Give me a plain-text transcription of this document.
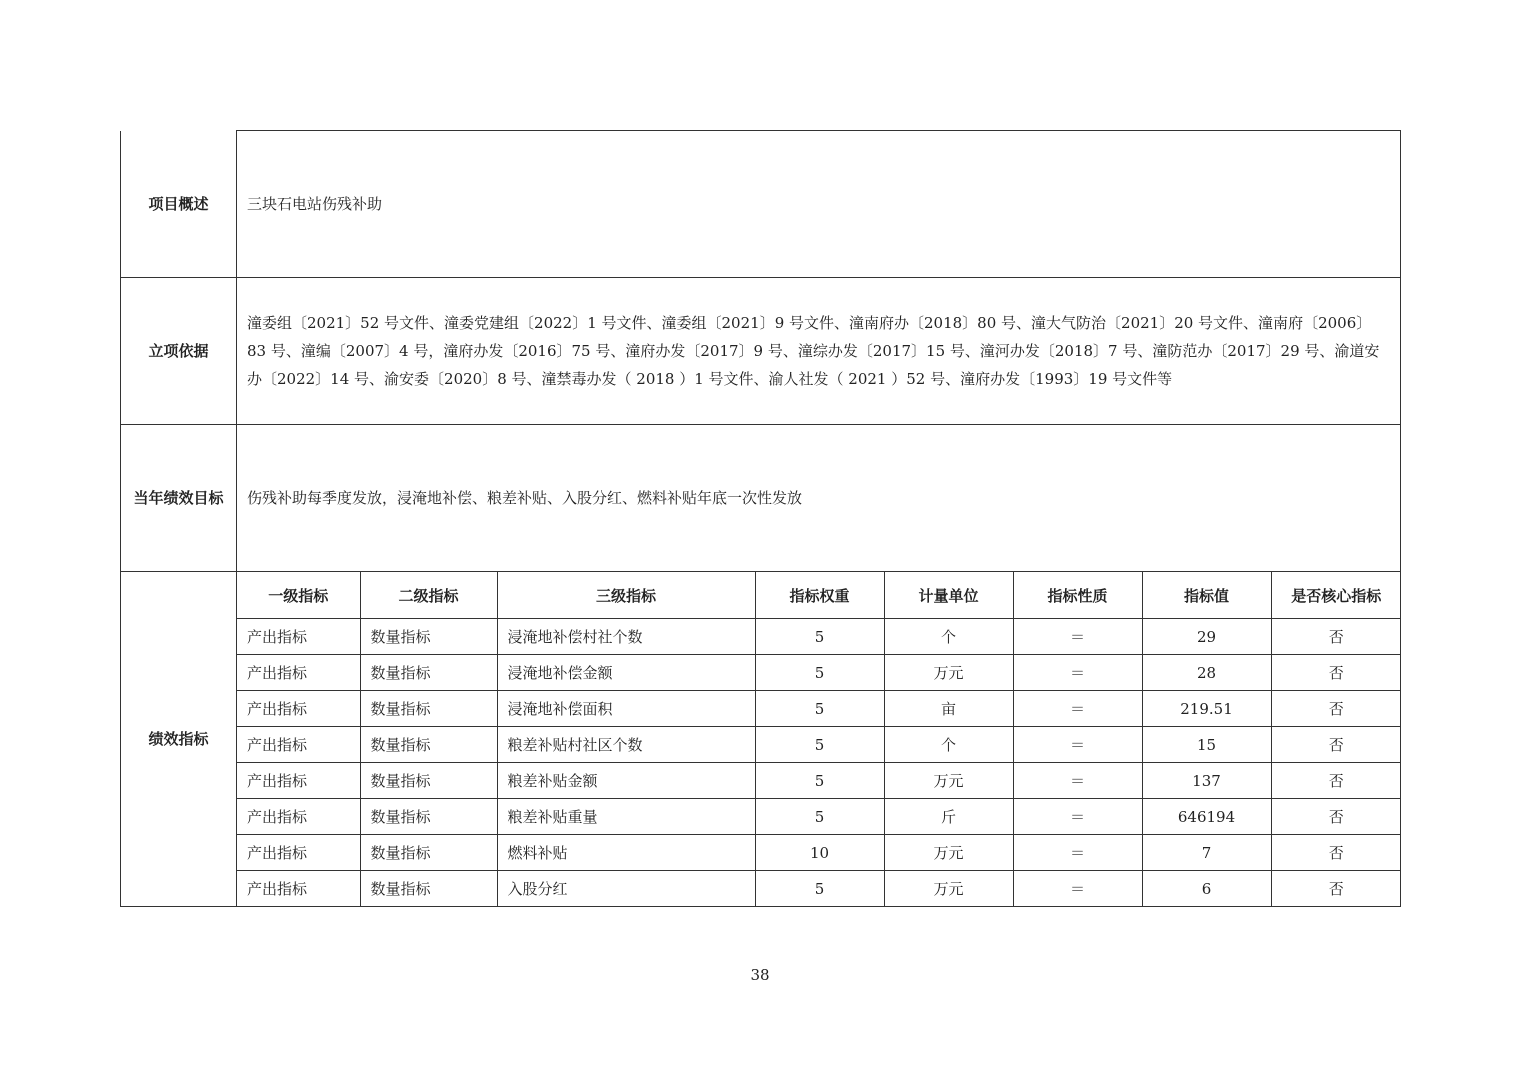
项目概述	三块石电站伤残补助
立项依据	潼委组〔2021〕52 号文件、潼委党建组〔2022〕1 号文件、潼委组〔2021〕9 号文件、潼南府办〔2018〕80 号、潼大气防治〔2021〕20 号文件、潼南府〔2006〕83 号、潼编〔2007〕4 号，潼府办发〔2016〕75 号、潼府办发〔2017〕9 号、潼综办发〔2017〕15 号、潼河办发〔2018〕7 号、潼防范办〔2017〕29 号、渝道安办〔2022〕14 号、渝安委〔2020〕8 号、潼禁毒办发（ 2018 ）1 号文件、渝人社发（ 2021 ）52 号、潼府办发〔1993〕19 号文件等
当年绩效目标	伤残补助每季度发放，浸淹地补偿、粮差补贴、入股分红、燃料补贴年底一次性发放
绩效指标	
一级指标	二级指标	三级指标	指标权重	计量单位	指标性质	指标值	是否核心指标
产出指标	数量指标	浸淹地补偿村社个数	5	个	＝	29	否
产出指标	数量指标	浸淹地补偿金额	5	万元	＝	28	否
产出指标	数量指标	浸淹地补偿面积	5	亩	＝	219.51	否
产出指标	数量指标	粮差补贴村社区个数	5	个	＝	15	否
产出指标	数量指标	粮差补贴金额	5	万元	＝	137	否
产出指标	数量指标	粮差补贴重量	5	斤	＝	646194	否
产出指标	数量指标	燃料补贴	10	万元	＝	7	否
产出指标	数量指标	入股分红	5	万元	＝	6	否
38
